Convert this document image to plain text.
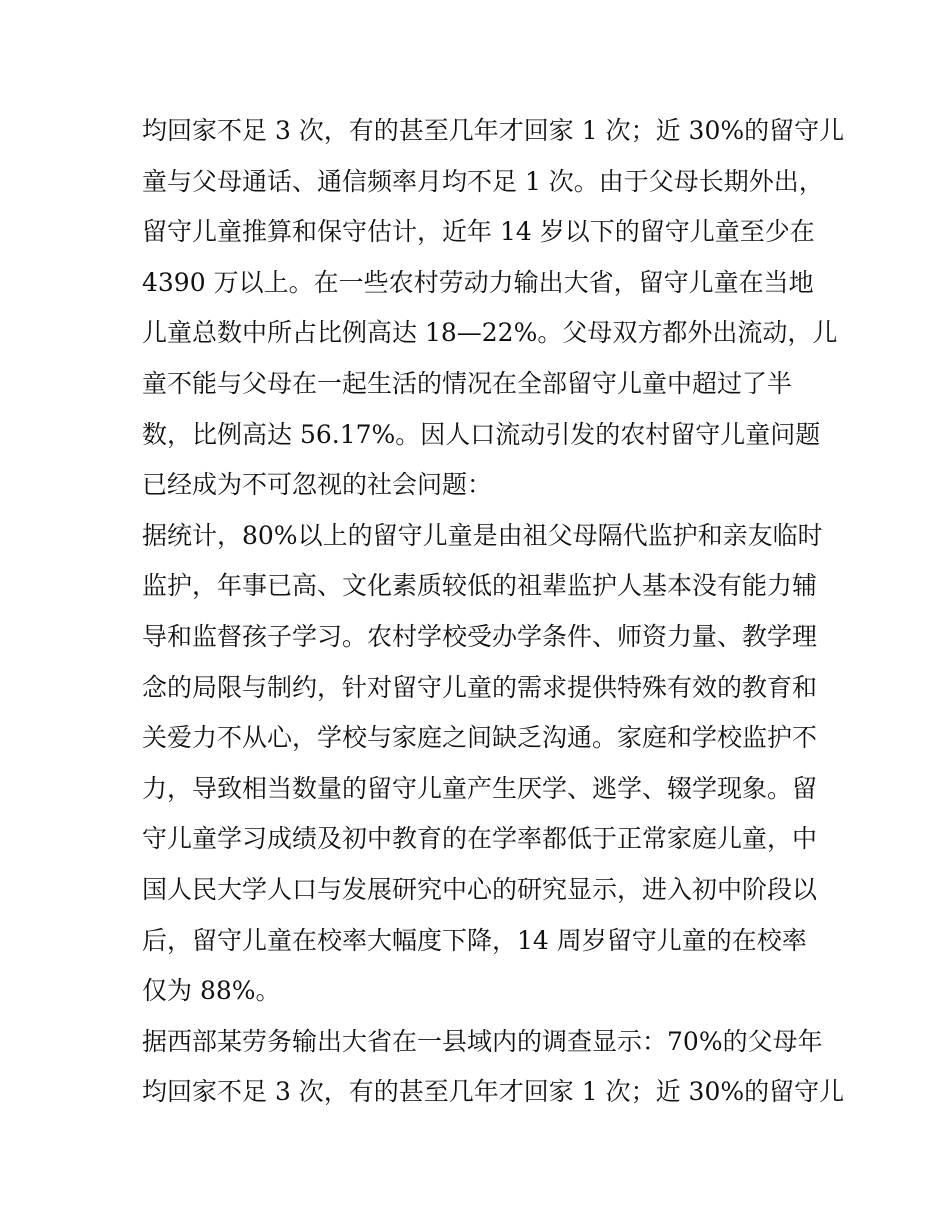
均回家不足 3 次，有的甚至几年才回家 1 次；近 30%的留守儿
童与父母通话、通信频率月均不足 1 次。由于父母长期外出，
留守儿童推算和保守估计，近年 14 岁以下的留守儿童至少在
4390 万以上。在一些农村劳动力输出大省，留守儿童在当地
儿童总数中所占比例高达 18—22%。父母双方都外出流动，儿
童不能与父母在一起生活的情况在全部留守儿童中超过了半
数，比例高达 56.17%。因人口流动引发的农村留守儿童问题
已经成为不可忽视的社会问题：
据统计，80%以上的留守儿童是由祖父母隔代监护和亲友临时
监护，年事已高、文化素质较低的祖辈监护人基本没有能力辅
导和监督孩子学习。农村学校受办学条件、师资力量、教学理
念的局限与制约，针对留守儿童的需求提供特殊有效的教育和
关爱力不从心，学校与家庭之间缺乏沟通。家庭和学校监护不
力，导致相当数量的留守儿童产生厌学、逃学、辍学现象。留
守儿童学习成绩及初中教育的在学率都低于正常家庭儿童，中
国人民大学人口与发展研究中心的研究显示，进入初中阶段以
后，留守儿童在校率大幅度下降，14 周岁留守儿童的在校率
仅为 88%。
据西部某劳务输出大省在一县域内的调查显示：70%的父母年
均回家不足 3 次，有的甚至几年才回家 1 次；近 30%的留守儿
